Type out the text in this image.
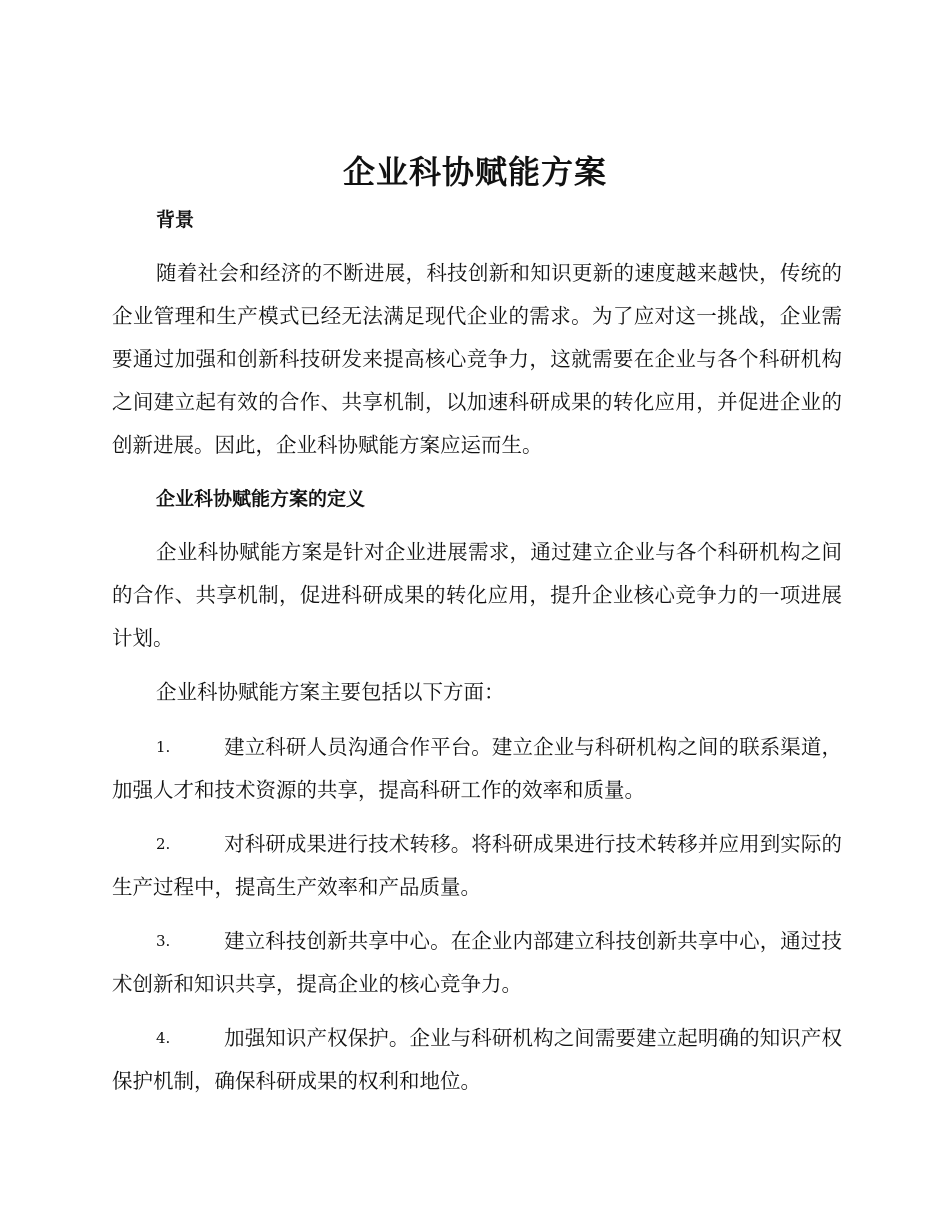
企业科协赋能方案
背景

随着社会和经济的不断进展，科技创新和知识更新的速度越来越快，传统的企业管理和生产模式已经无法满足现代企业的需求。为了应对这一挑战，企业需要通过加强和创新科技研发来提高核心竞争力，这就需要在企业与各个科研机构之间建立起有效的合作、共享机制，以加速科研成果的转化应用，并促进企业的创新进展。因此，企业科协赋能方案应运而生。

企业科协赋能方案的定义

企业科协赋能方案是针对企业进展需求，通过建立企业与各个科研机构之间的合作、共享机制，促进科研成果的转化应用，提升企业核心竞争力的一项进展计划。

企业科协赋能方案主要包括以下方面：

1.	建立科研人员沟通合作平台。建立企业与科研机构之间的联系渠道，加强人才和技术资源的共享，提高科研工作的效率和质量。

2.	对科研成果进行技术转移。将科研成果进行技术转移并应用到实际的生产过程中，提高生产效率和产品质量。

3.	建立科技创新共享中心。在企业内部建立科技创新共享中心，通过技术创新和知识共享，提高企业的核心竞争力。

4.	加强知识产权保护。企业与科研机构之间需要建立起明确的知识产权保护机制，确保科研成果的权利和地位。
